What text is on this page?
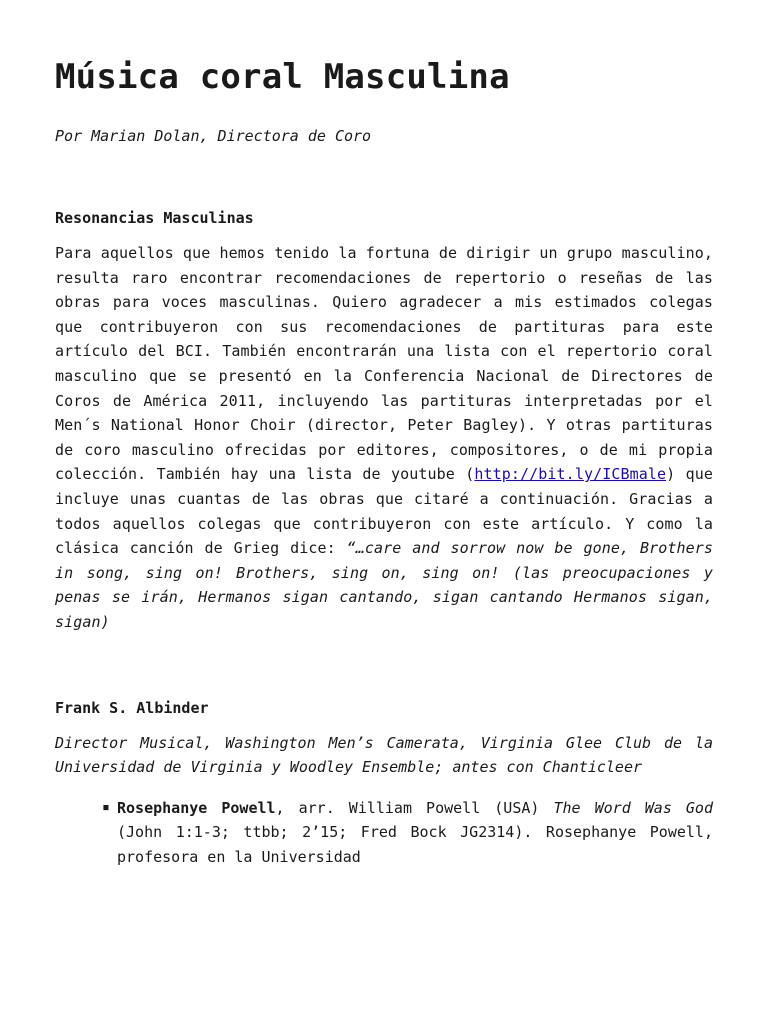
Música coral Masculina

Por Marian Dolan, Directora de Coro

Resonancias Masculinas

Para aquellos que hemos tenido la fortuna de dirigir un grupo masculino, resulta raro encontrar recomendaciones de repertorio o reseñas de las obras para voces masculinas. Quiero agradecer a mis estimados colegas que contribuyeron con sus recomendaciones de partituras para este artículo del BCI. También encontrarán una lista con el repertorio coral masculino que se presentó en la Conferencia Nacional de Directores de Coros de América 2011, incluyendo las partituras interpretadas por el Men´s National Honor Choir (director, Peter Bagley). Y otras partituras de coro masculino ofrecidas por editores, compositores, o de mi propia colección. También hay una lista de youtube (http://bit.ly/ICBmale) que incluye unas cuantas de las obras que citaré a continuación. Gracias a todos aquellos colegas que contribuyeron con este artículo. Y como la clásica canción de Grieg dice: “…care and sorrow now be gone, Brothers in song, sing on! Brothers, sing on, sing on! (las preocupaciones y penas se irán, Hermanos sigan cantando, sigan cantando Hermanos sigan, sigan)

Frank S. Albinder

Director Musical, Washington Men’s Camerata, Virginia Glee Club de la Universidad de Virginia y Woodley Ensemble; antes con Chanticleer

▪ Rosephanye Powell, arr. William Powell (USA) The Word Was God (John 1:1-3; ttbb; 2’15; Fred Bock JG2314). Rosephanye Powell, profesora en la Universidad
